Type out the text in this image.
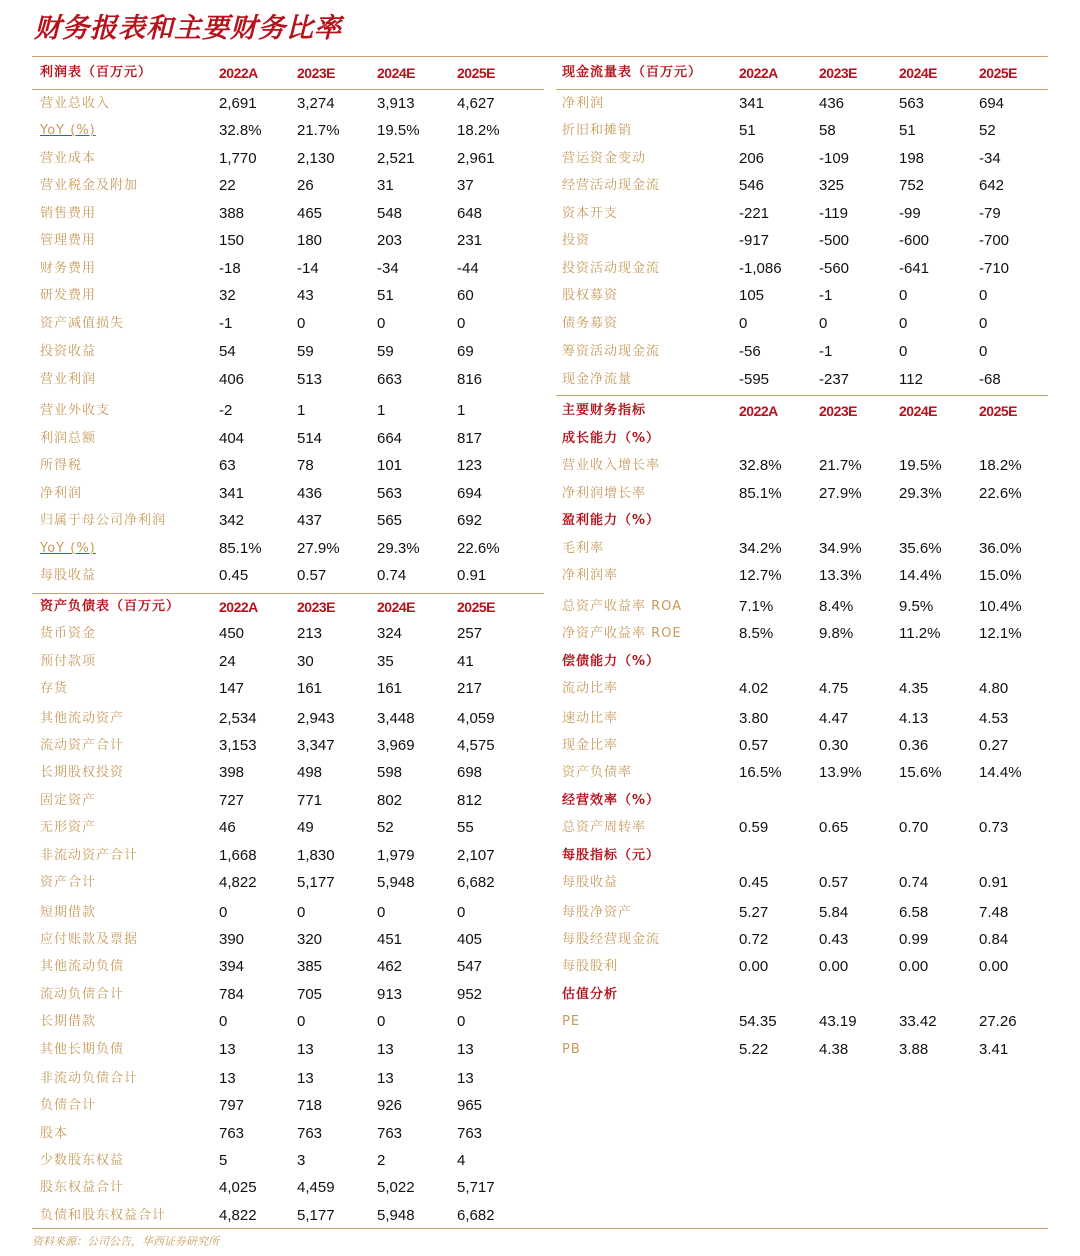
财务报表和主要财务比率
利润表（百万元）	2022A	2023E	2024E	2025E
营业总收入	2,691	3,274	3,913	4,627
YoY (%)	32.8% 21.7% 19.5% 18.2%
营业成本	1,770	2,130	2,521	2,961
营业税金及附加	22	26	31	37
销售费用	388	465	548	648
管理费用	150	180	203	231
财务费用	-18	-14	-34	-44
研发费用	32	43	51	60
资产减值损失	-1	0	0	0
投资收益	54	59	59	69
营业利润	406	513	663	816
营业外收支	-2	1	1	1
利润总额	404	514	664	817
所得税	63	78	101	123
净利润	341	436	563	694
归属于母公司净利润	342	437	565	692
YoY (%)	85.1% 27.9% 29.3% 22.6%
每股收益	0.45	0.57	0.74	0.91
资产负债表（百万元）	2022A	2023E	2024E	2025E
货币资金	450	213	324	257
预付款项	24	30	35	41
存货	147	161	161	217
其他流动资产	2,534	2,943	3,448	4,059
流动资产合计	3,153	3,347	3,969	4,575
长期股权投资	398	498	598	698
固定资产	727	771	802	812
无形资产	46	49	52	55
非流动资产合计	1,668	1,830	1,979	2,107
资产合计	4,822	5,177	5,948	6,682
短期借款	0	0	0	0
应付账款及票据	390	320	451	405
其他流动负债	394	385	462	547
流动负债合计	784	705	913	952
长期借款	0	0	0	0
其他长期负债	13	13	13	13
非流动负债合计	13	13	13	13
负债合计	797	718	926	965
股本	763	763	763	763
少数股东权益	5	3	2	4
股东权益合计	4,025	4,459	5,022	5,717
负债和股东权益合计	4,822	5,177	5,948	6,682
现金流量表（百万元）	2022A	2023E	2024E	2025E
净利润	341	436	563	694
折旧和摊销	51	58	51	52
营运资金变动	206	-109	198	-34
经营活动现金流	546	325	752	642
资本开支	-221	-119	-99	-79
投资	-917	-500	-600	-700
投资活动现金流	-1,086 -560	-641	-710
股权募资	105	-1	0	0
债务募资	0	0	0	0
筹资活动现金流	-56	-1	0	0
现金净流量	-595	-237	112	-68
主要财务指标	2022A	2023E	2024E	2025E
成长能力（%）
营业收入增长率	32.8% 21.7% 19.5% 18.2%
净利润增长率	85.1% 27.9% 29.3% 22.6%
盈利能力（%）
毛利率	34.2% 34.9% 35.6% 36.0%
净利润率	12.7% 13.3% 14.4% 15.0%
总资产收益率 ROA	7.1%	8.4%	9.5%	10.4%
净资产收益率 ROE	8.5%	9.8%	11.2%	12.1%
偿债能力（%）
流动比率	4.02	4.75	4.35	4.80
速动比率	3.80	4.47	4.13	4.53
现金比率	0.57	0.30	0.36	0.27
资产负债率	16.5% 13.9% 15.6% 14.4%
经营效率（%）
总资产周转率	0.59	0.65	0.70	0.73
每股指标（元）
每股收益	0.45	0.57	0.74	0.91
每股净资产	5.27	5.84	6.58	7.48
每股经营现金流	0.72	0.43	0.99	0.84
每股股利	0.00	0.00	0.00	0.00
估值分析
PE	54.35	43.19	33.42	27.26
PB	5.22	4.38	3.88	3.41
资料来源：公司公告，华西证券研究所
